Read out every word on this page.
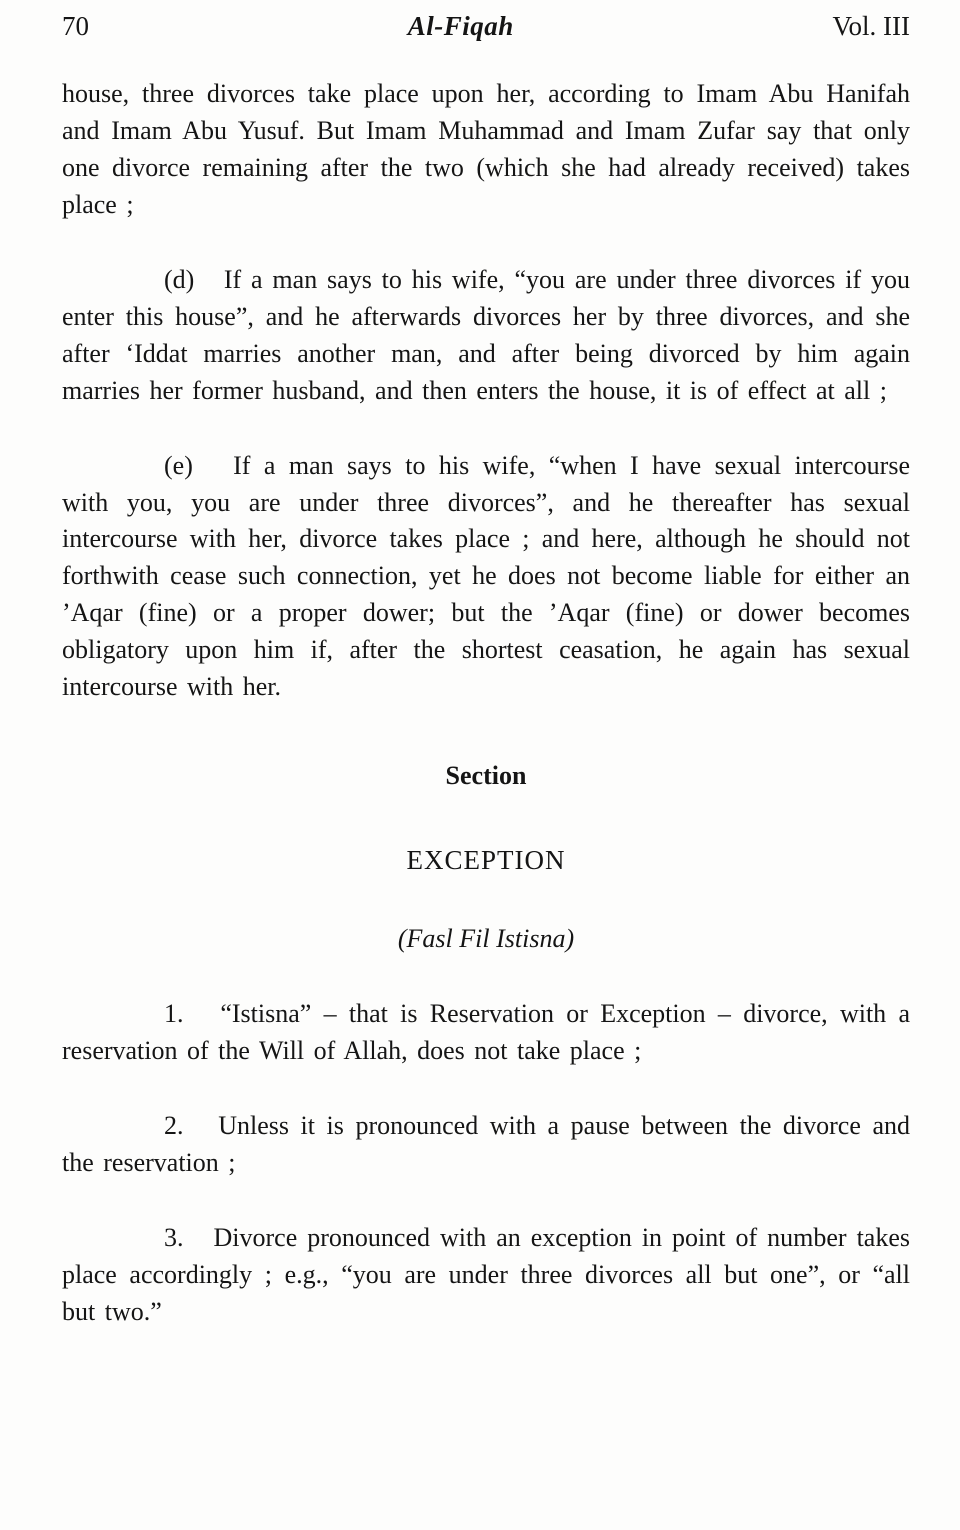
70	Al-Fiqah	Vol. III

house, three divorces take place upon her, according to Imam Abu Hanifah and Imam Abu Yusuf. But Imam Muhammad and Imam Zufar say that only one divorce remaining after the two (which she had already received) takes place ;

(d)   If a man says to his wife, “you are under three divorces if you enter this house”, and he afterwards divorces her by three divorces, and she after ‘Iddat marries another man, and after being divorced by him again marries her former husband, and then enters the house, it is of effect at all ;

(e)   If a man says to his wife, “when I have sexual intercourse with you, you are under three divorces”, and he thereafter has sexual intercourse with her, divorce takes place ; and here, although he should not forthwith cease such connection, yet he does not become liable for either an ’Aqar (fine) or a proper dower; but the ’Aqar (fine) or dower becomes obligatory upon him if, after the shortest ceasation, he again has sexual intercourse with her.

Section
EXCEPTION
(Fasl Fil Istisna)

1.   “Istisna” – that is Reservation or Exception – divorce, with a reservation of the Will of Allah, does not take place ;

2.   Unless it is pronounced with a pause between the divorce and the reservation ;

3.   Divorce pronounced with an exception in point of number takes place accordingly ; e.g., “you are under three divorces all but one”, or “all but two.”
